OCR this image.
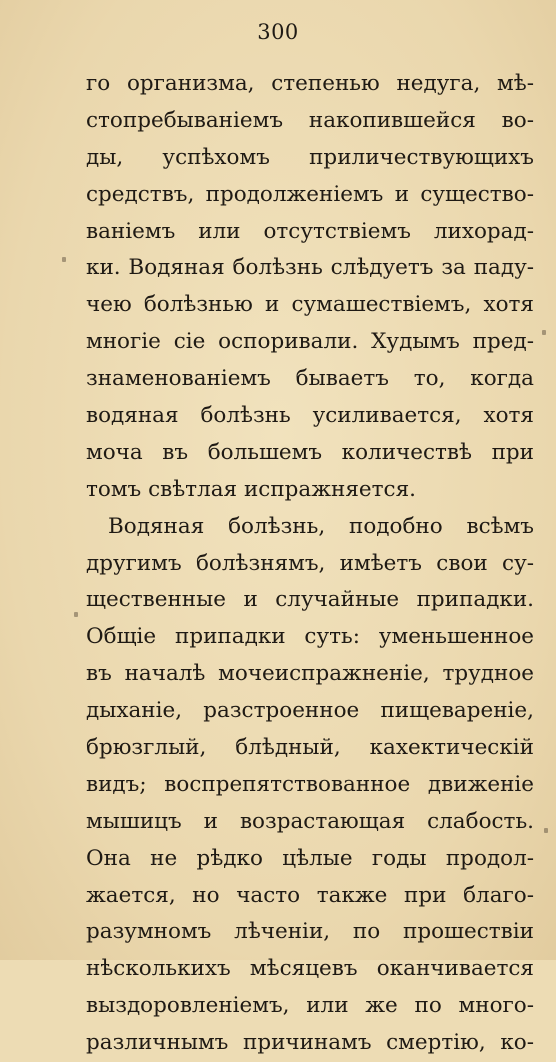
300
го организма, степенью недуга, мѣ-
стопребываніемъ накопившейся во-
ды, успѣхомъ приличествующихъ
средствъ, продолженіемъ и существо-
ваніемъ или отсутствіемъ лихорад-
ки. Водяная болѣзнь слѣдуетъ за паду-
чею болѣзнью и сумашествіемъ, хотя
многіе сіе оспоривали. Худымъ пред-
знаменованіемъ бываетъ то, когда
водяная болѣзнь усиливается, хотя
моча въ большемъ количествѣ при
томъ свѣтлая испражняется.
Водяная болѣзнь, подобно всѣмъ
другимъ болѣзнямъ, имѣетъ свои су-
щественные и случайные припадки.
Общіе припадки суть: уменьшенное
въ началѣ мочеиспражненіе, трудное
дыханіе, разстроенное пищевареніе,
брюзглый, блѣдный, кахектическій
видъ; воспрепятствованное движеніе
мышицъ и возрастающая слабость.
Она не рѣдко цѣлые годы продол-
жается, но часто также при благо-
разумномъ лѣченіи, по прошествіи
нѣсколькихъ мѣсяцевъ оканчивается
выздоровленіемъ, или же по много-
различнымъ причинамъ смертію, ко-
